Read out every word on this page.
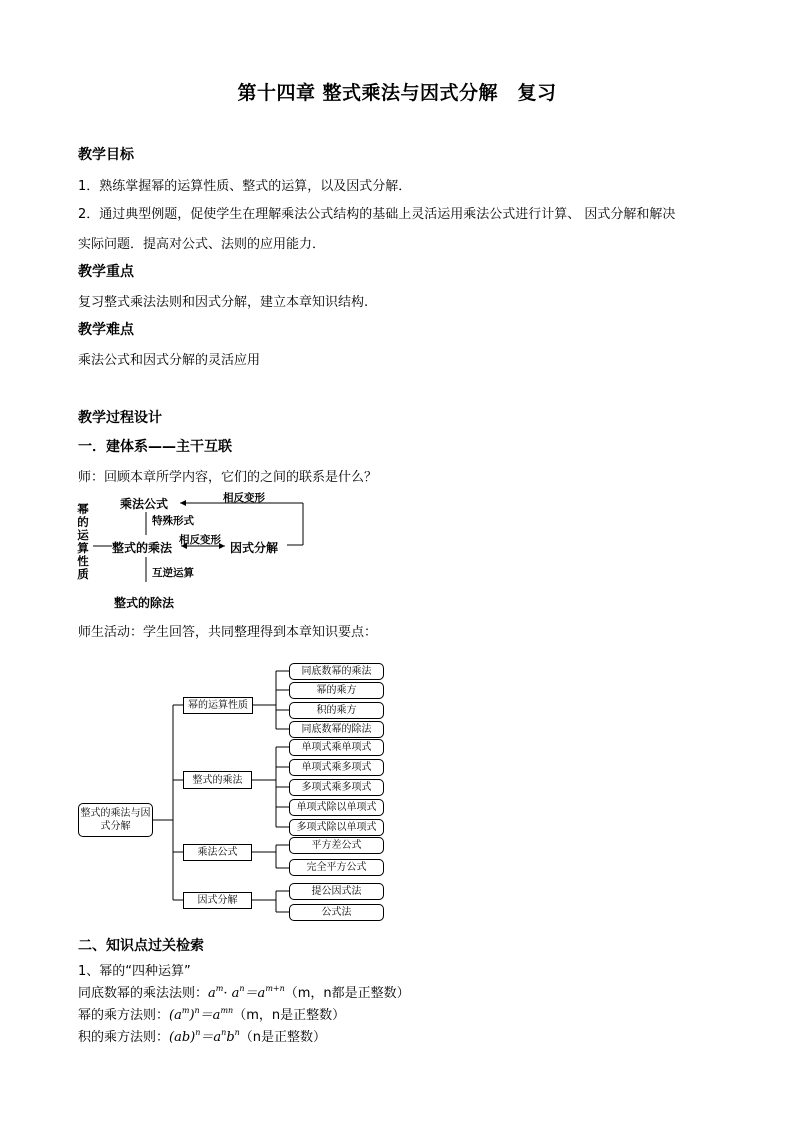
第十四章 整式乘法与因式分解　复习
教学目标
1．熟练掌握幂的运算性质、整式的运算，以及因式分解．
2．通过典型例题，促使学生在理解乘法公式结构的基础上灵活运用乘法公式进行计算、 因式分解和解决
实际问题．提高对公式、法则的应用能力．
教学重点
复习整式乘法法则和因式分解，建立本章知识结构.
教学难点
乘法公式和因式分解的灵活应用
教学过程设计
一．建体系——主干互联
师：回顾本章所学内容，它们的之间的联系是什么？
幂
的
运
算
性
质
乘法公式	相反变形
特殊形式
整式的乘法
相反变形
因式分解
互逆运算
整式的除法
师生活动：学生回答，共同整理得到本章知识要点：
整式的乘法与因式分解
幂的运算性质
整式的乘法
乘法公式
因式分解
同底数幂的乘法
幂的乘方
积的乘方
同底数幂的除法
单项式乘单项式
单项式乘多项式
多项式乘多项式
单项式除以单项式
多项式除以单项式
平方差公式
完全平方公式
提公因式法
公式法
二、知识点过关检索
1、幂的“四种运算”
同底数幂的乘法法则：$a^m\cdot a^n=a^{m+n}(m$，n都是正整数）
幂的乘方法则：$(a^m)^n=a^{mn}(m$，n是正整数）
积的乘方法则：$(ab)^n=a^nb^n(n$是正整数）
